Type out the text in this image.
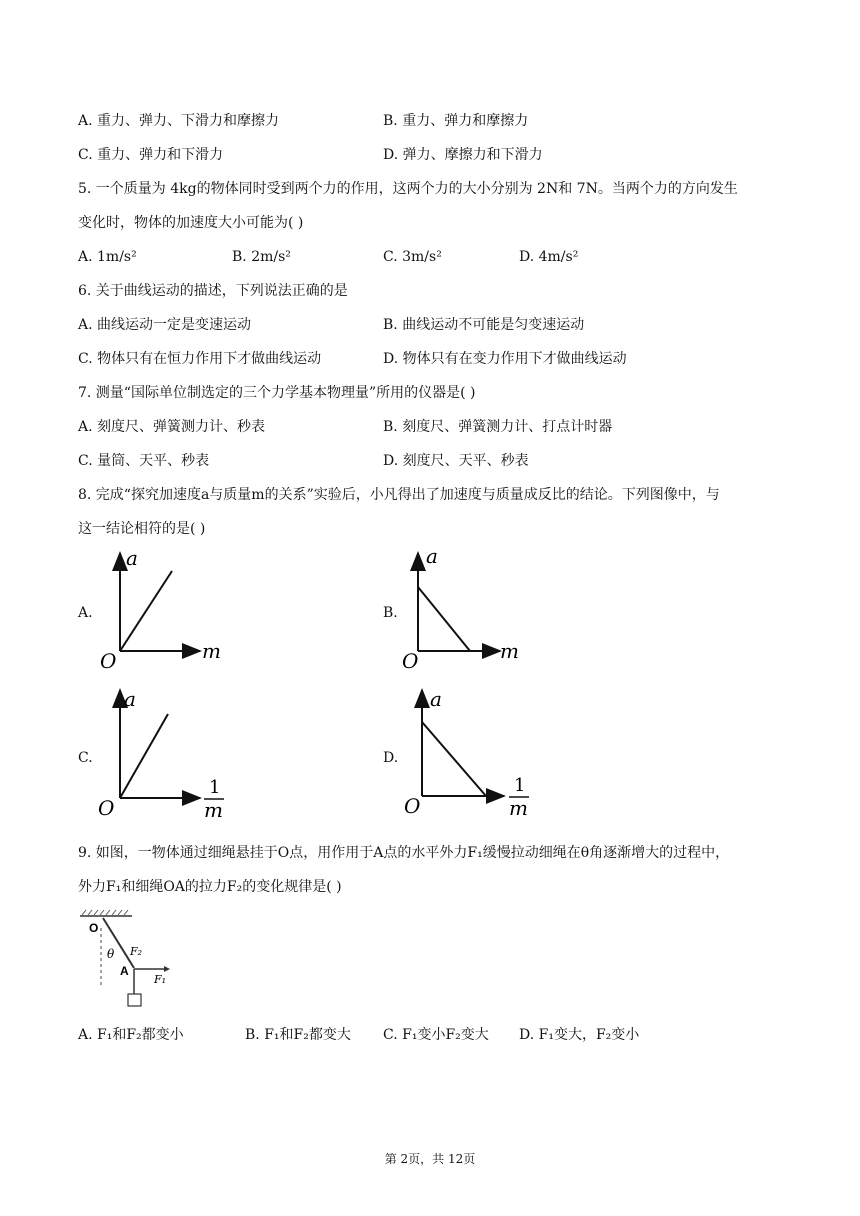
A. 重力、弹力、下滑力和摩擦力	B. 重力、弹力和摩擦力
C. 重力、弹力和下滑力	D. 弹力、摩擦力和下滑力
5. 一个质量为 4kg的物体同时受到两个力的作用，这两个力的大小分别为 2N和 7N。当两个力的方向发生
变化时，物体的加速度大小可能为( )
A. 1m/s²	B. 2m/s²	C. 3m/s²	D. 4m/s²
6. 关于曲线运动的描述，下列说法正确的是
A. 曲线运动一定是变速运动	B. 曲线运动不可能是匀变速运动
C. 物体只有在恒力作用下才做曲线运动	D. 物体只有在变力作用下才做曲线运动
7. 测量“国际单位制选定的三个力学基本物理量”所用的仪器是( )
A. 刻度尺、弹簧测力计、秒表	B. 刻度尺、弹簧测力计、打点计时器
C. 量筒、天平、秒表	D. 刻度尺、天平、秒表
8. 完成“探究加速度a与质量m的关系”实验后，小凡得出了加速度与质量成反比的结论。下列图像中，与
这一结论相符的是( )
A.
a
O	m
B.
a
O	m
C.
a
O
1
m
D.
a
O
1
m
9. 如图，一物体通过细绳悬挂于O点，用作用于A点的水平外力F₁缓慢拉动细绳在θ角逐渐增大的过程中，
外力F₁和细绳OA的拉力F₂的变化规律是( )
O
θ F₂
A
F₁
A. F₁和F₂都变小	B. F₁和F₂都变大 C. F₁变小F₂变大 D. F₁变大，F₂变小
第 2页，共 12页
